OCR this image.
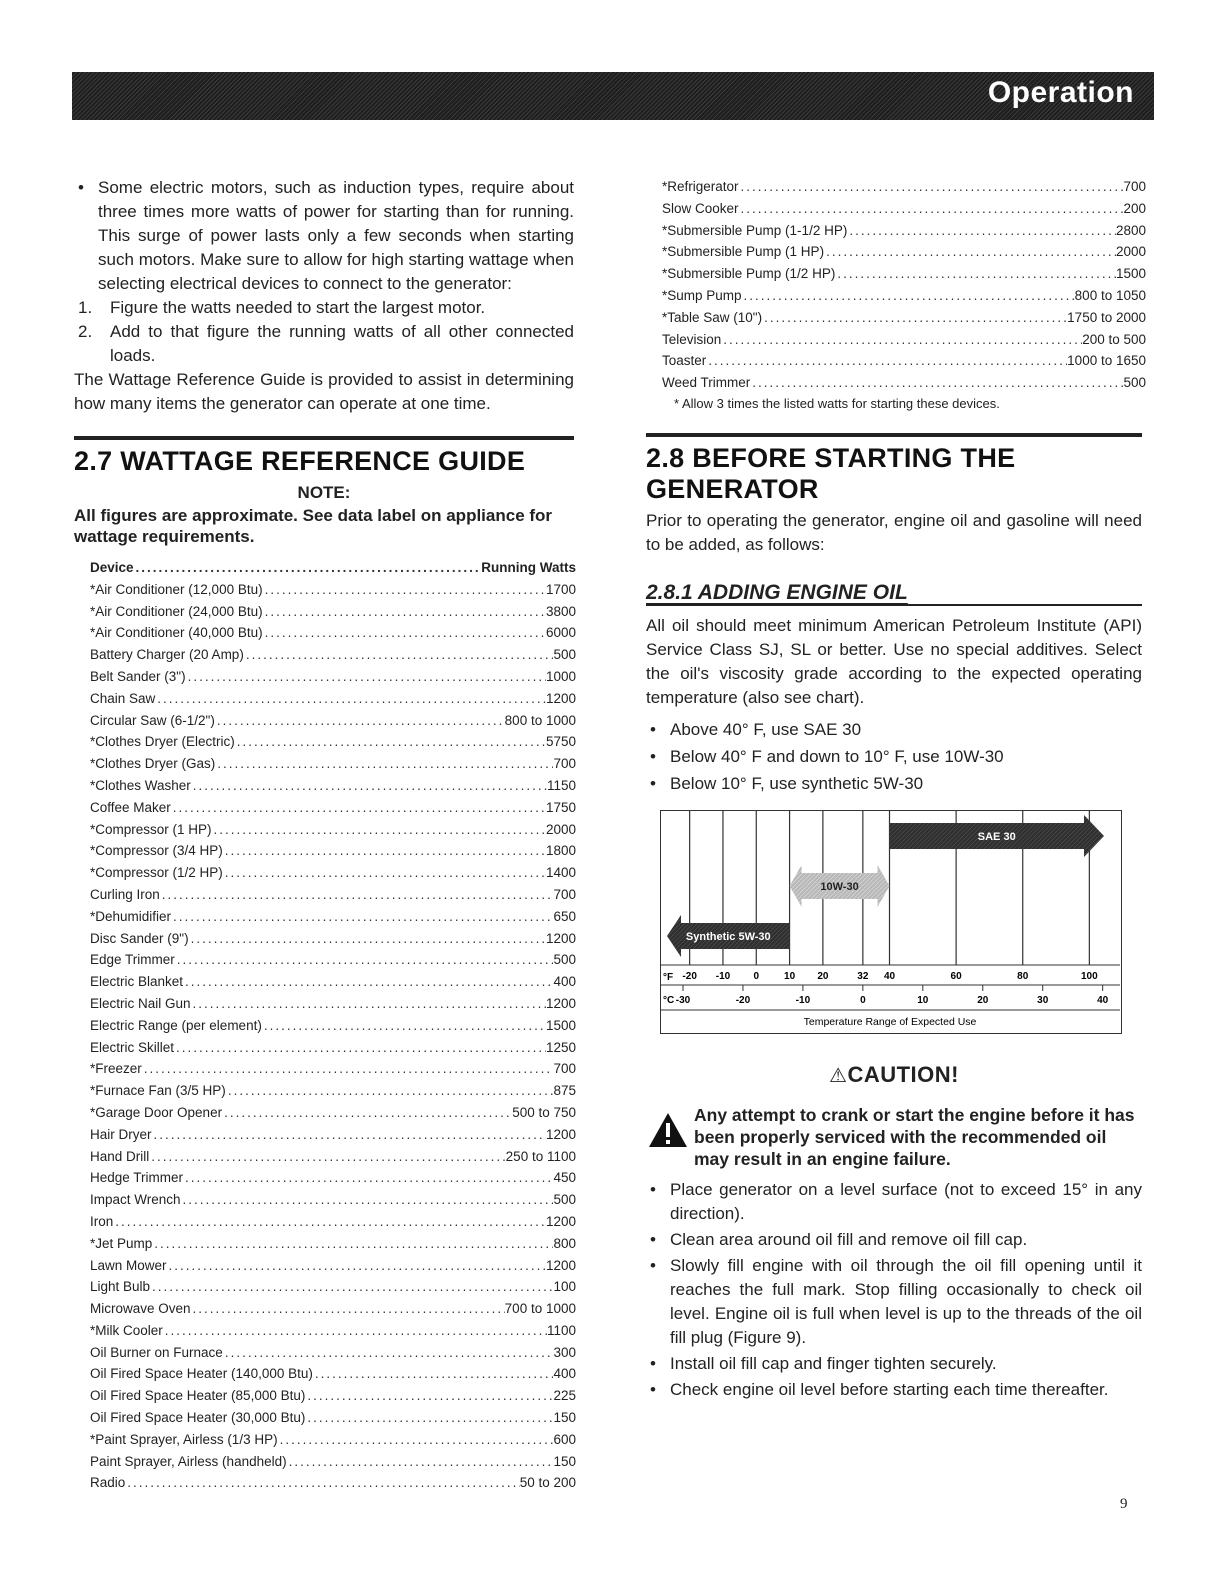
Operation
• Some electric motors, such as induction types, require about three times more watts of power for starting than for running. This surge of power lasts only a few seconds when starting such motors. Make sure to allow for high starting wattage when selecting electrical devices to connect to the generator:
1. Figure the watts needed to start the largest motor.
2. Add to that figure the running watts of all other connected loads.
The Wattage Reference Guide is provided to assist in determining how many items the generator can operate at one time.
2.7 WATTAGE REFERENCE GUIDE
NOTE:
All figures are approximate. See data label on appliance for wattage requirements.
Device .....	Running Watts
*Air Conditioner (12,000 Btu) .....	1700
*Air Conditioner (24,000 Btu) .....	3800
*Air Conditioner (40,000 Btu) .....	6000
Battery Charger (20 Amp) .....	500
Belt Sander (3") .....	1000
Chain Saw .....	1200
Circular Saw (6-1/2") .....	800 to 1000
*Clothes Dryer (Electric) .....	5750
*Clothes Dryer (Gas) .....	700
*Clothes Washer .....	1150
Coffee Maker .....	1750
*Compressor (1 HP) .....	2000
*Compressor (3/4 HP) .....	1800
*Compressor (1/2 HP) .....	1400
Curling Iron .....	700
*Dehumidifier .....	650
Disc Sander (9") .....	1200
Edge Trimmer .....	500
Electric Blanket .....	400
Electric Nail Gun .....	1200
Electric Range (per element) .....	1500
Electric Skillet .....	1250
*Freezer .....	700
*Furnace Fan (3/5 HP) .....	875
*Garage Door Opener .....	500 to 750
Hair Dryer .....	1200
Hand Drill .....	250 to 1100
Hedge Trimmer .....	450
Impact Wrench .....	500
Iron .....	1200
*Jet Pump .....	800
Lawn Mower .....	1200
Light Bulb .....	100
Microwave Oven .....	700 to 1000
*Milk Cooler .....	1100
Oil Burner on Furnace .....	300
Oil Fired Space Heater (140,000 Btu) .....	400
Oil Fired Space Heater (85,000 Btu) .....	225
Oil Fired Space Heater (30,000 Btu) .....	150
*Paint Sprayer, Airless (1/3 HP) .....	600
Paint Sprayer, Airless (handheld) .....	150
Radio .....	50 to 200
*Refrigerator .....	700
Slow Cooker .....	200
*Submersible Pump (1-1/2 HP) .....	2800
*Submersible Pump (1 HP) .....	2000
*Submersible Pump (1/2 HP) .....	1500
*Sump Pump .....	800 to 1050
*Table Saw (10") .....	1750 to 2000
Television .....	200 to 500
Toaster .....	1000 to 1650
Weed Trimmer .....	500
* Allow 3 times the listed watts for starting these devices.
2.8 BEFORE STARTING THE GENERATOR
Prior to operating the generator, engine oil and gasoline will need to be added, as follows:
2.8.1 ADDING ENGINE OIL
All oil should meet minimum American Petroleum Institute (API) Service Class SJ, SL or better. Use no special additives. Select the oil's viscosity grade according to the expected operating temperature (also see chart).
• Above 40° F, use SAE 30
• Below 40° F and down to 10° F, use 10W-30
• Below 10° F, use synthetic 5W-30
Synthetic 5W-30
10W-30
SAE 30
-20 -10 0 10 20	32 40	60	80	100
-30	-20	-10	0	10	20	30	40
°F
°C
Temperature Range of Expected Use
⚠CAUTION!
Any attempt to crank or start the engine before it has been properly serviced with the recommended oil may result in an engine failure.
• Place generator on a level surface (not to exceed 15° in any direction).
• Clean area around oil fill and remove oil fill cap.
• Slowly fill engine with oil through the oil fill opening until it reaches the full mark. Stop filling occasionally to check oil level. Engine oil is full when level is up to the threads of the oil fill plug (Figure 9).
• Install oil fill cap and finger tighten securely.
• Check engine oil level before starting each time thereafter.
9
